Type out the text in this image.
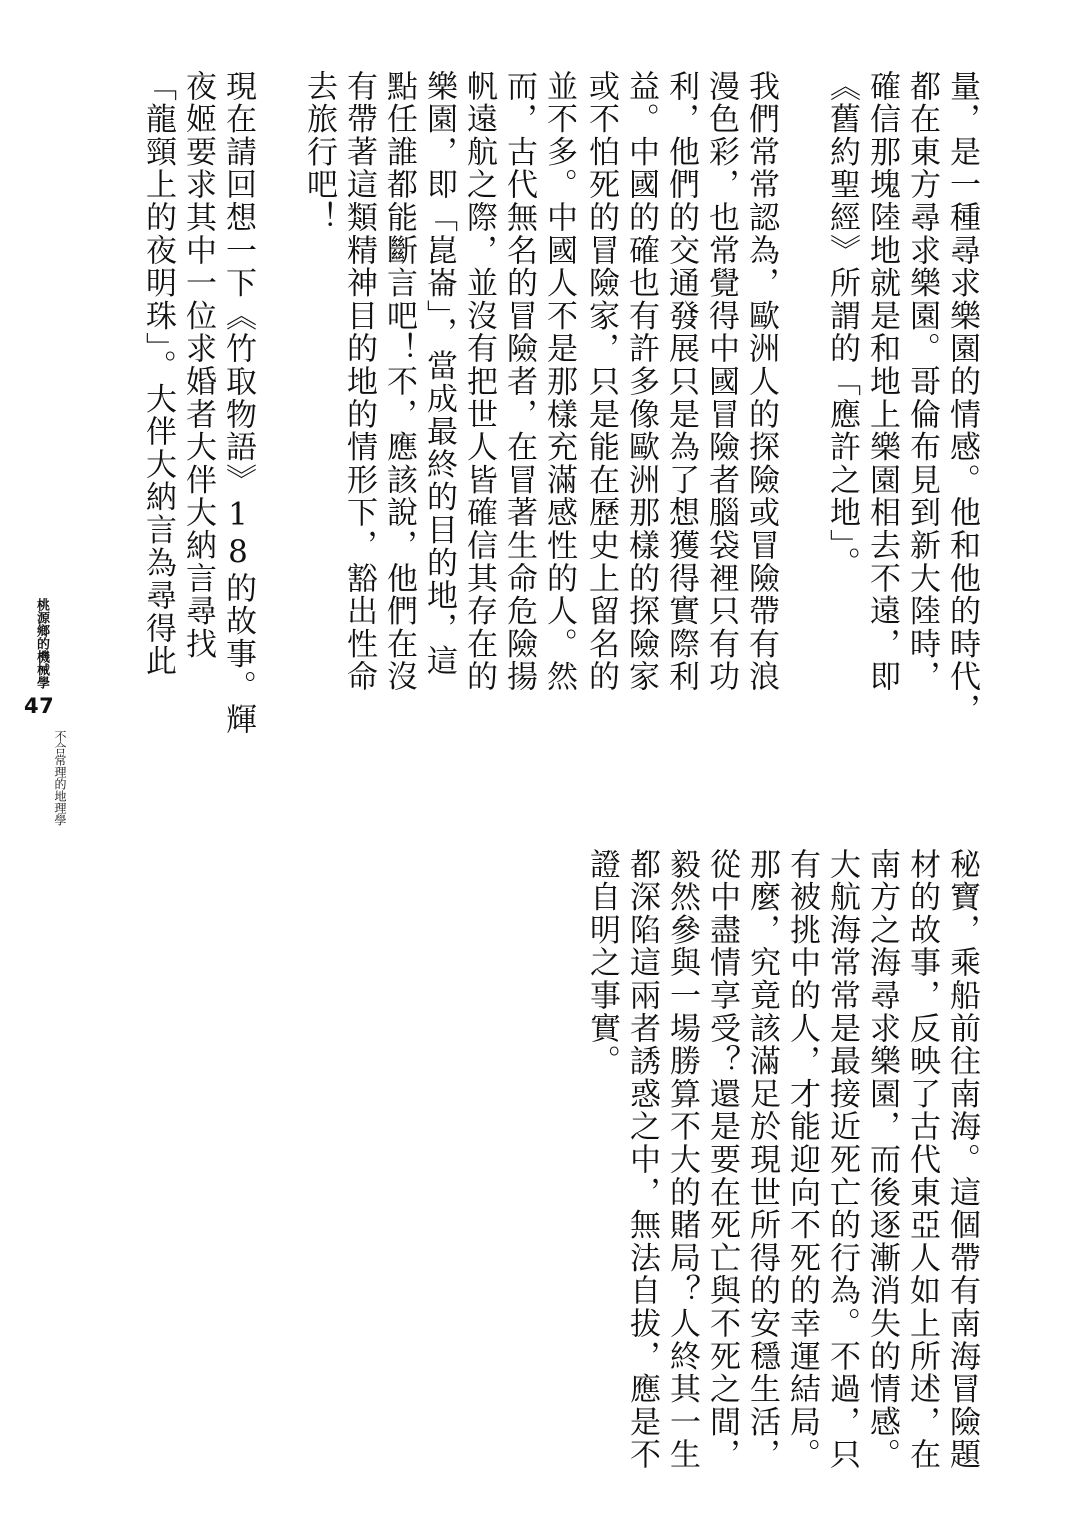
量，是一種尋求樂園的情感。他和他的時代，
都在東方尋求樂園。哥倫布見到新大陸時，
確信那塊陸地就是和地上樂園相去不遠，即
《舊約聖經》所謂的「應許之地」。
我們常常認為，歐洲人的探險或冒險帶有浪
漫色彩，也常覺得中國冒險者腦袋裡只有功
利，他們的交通發展只是為了想獲得實際利
益。中國的確也有許多像歐洲那樣的探險家
或不怕死的冒險家，只是能在歷史上留名的
並不多。中國人不是那樣充滿感性的人。然
而，古代無名的冒險者，在冒著生命危險揚
帆遠航之際，並沒有把世人皆確信其存在的
樂園，即「崑崙」，當成最終的目的地，這
點任誰都能斷言吧！不，應該說，他們在沒
有帶著這類精神目的地的情形下，豁出性命
去旅行吧！
現在請回想一下《竹取物語》18的故事。輝
夜姬要求其中一位求婚者大伴大納言尋找
「龍頸上的夜明珠」。大伴大納言為尋得此
秘寶，乘船前往南海。這個帶有南海冒險題
材的故事，反映了古代東亞人如上所述，在
南方之海尋求樂園，而後逐漸消失的情感。
大航海常常是最接近死亡的行為。不過，只
有被挑中的人，才能迎向不死的幸運結局。
那麼，究竟該滿足於現世所得的安穩生活，
從中盡情享受？還是要在死亡與不死之間，
毅然參與一場勝算不大的賭局？人終其一生
都深陷這兩者誘惑之中，無法自拔，應是不
證自明之事實。
桃源鄉的機械學
47
不合常理的地理學
